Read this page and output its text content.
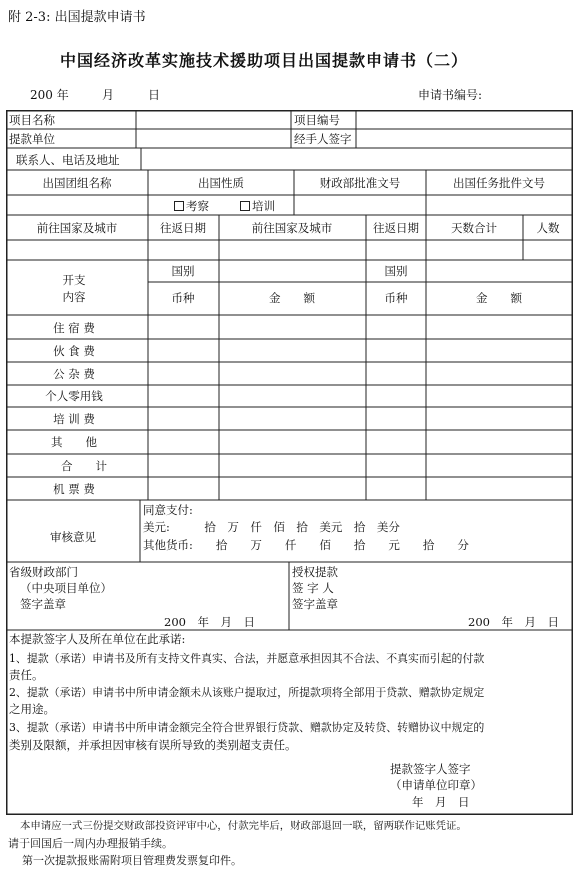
附 2-3: 出国提款申请书
中国经济改革实施技术援助项目出国提款申请书（二）
200 年	月	日	申请书编号:
项目名称	项目编号
提款单位	经手人签字
联系人、电话及地址
出国团组名称	出国性质	财政部批准文号	出国任务批件文号
考察	培训
前往国家及城市	往返日期	前往国家及城市	往返日期	天数合计	人数
开支
内容
国别	国别
币种	金　　额	币种	金　　额
住 宿 费
伙 食 费
公 杂 费
个人零用钱
培 训 费
其　　他
合　　计
机 票 费
审核意见
同意支付:
美元:　　　拾　万　仟　佰　拾　美元　拾　美分
其他货币:　　拾　　万　　仟　　佰　　拾　　元　　拾　　分
省级财政部门
（中央项目单位）
签字盖章
200　年　月　日
授权提款
签 字 人
签字盖章
200　年　月　日
本提款签字人及所在单位在此承诺:
1、提款（承诺）申请书及所有支持文件真实、合法，并愿意承担因其不合法、不真实而引起的付款
责任。
2、提款（承诺）申请书中所申请金额未从该账户提取过，所提款项将全部用于贷款、赠款协定规定
之用途。
3、提款（承诺）申请书中所申请金额完全符合世界银行贷款、赠款协定及转贷、转赠协议中规定的
类别及限额，并承担因审核有误所导致的类别超支责任。
提款签字人签字
（申请单位印章）
年　月　日
本申请应一式三份提交财政部投资评审中心，付款完毕后，财政部退回一联，留两联作记账凭证。
请于回国后一周内办理报销手续。
第一次提款报账需附项目管理费发票复印件。
